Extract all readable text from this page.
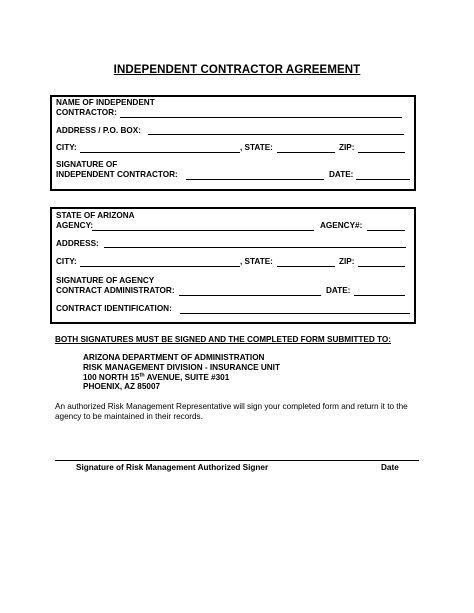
INDEPENDENT CONTRACTOR AGREEMENT
NAME OF INDEPENDENT
CONTRACTOR:
ADDRESS / P.O. BOX:
CITY:	, STATE:	ZIP:
SIGNATURE OF
INDEPENDENT CONTRACTOR:	DATE:
STATE OF ARIZONA
AGENCY:	AGENCY#:
ADDRESS:
CITY:	, STATE:	ZIP:
SIGNATURE OF AGENCY
CONTRACT ADMINISTRATOR:	DATE:
CONTRACT IDENTIFICATION:
BOTH SIGNATURES MUST BE SIGNED AND THE COMPLETED FORM SUBMITTED TO:
ARIZONA DEPARTMENT OF ADMINISTRATION
RISK MANAGEMENT DIVISION - INSURANCE UNIT
100 NORTH 15th AVENUE, SUITE #301
PHOENIX, AZ 85007
An authorized Risk Management Representative will sign your completed form and return it to the agency to be maintained in their records.
Signature of Risk Management Authorized Signer	Date
